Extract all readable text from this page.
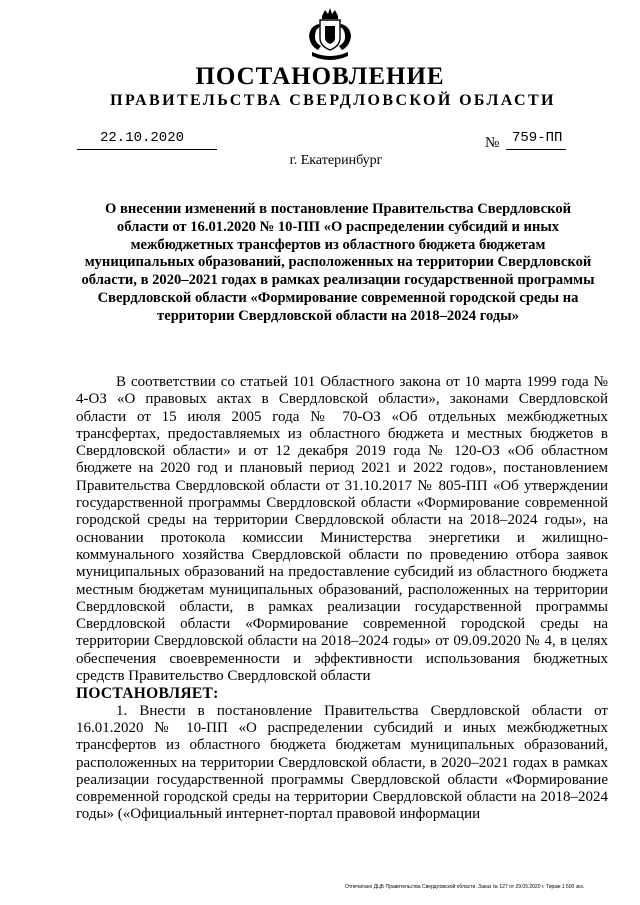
ПОСТАНОВЛЕНИЕ
ПРАВИТЕЛЬСТВА СВЕРДЛОВСКОЙ ОБЛАСТИ
22.10.2020	№ 759-ПП
г. Екатеринбург
О внесении изменений в постановление Правительства Свердловской области от 16.01.2020 № 10-ПП «О распределении субсидий и иных межбюджетных трансфертов из областного бюджета бюджетам муниципальных образований, расположенных на территории Свердловской области, в 2020–2021 годах в рамках реализации государственной программы Свердловской области «Формирование современной городской среды на территории Свердловской области на 2018–2024 годы»

В соответствии со статьей 101 Областного закона от 10 марта 1999 года № 4-ОЗ «О правовых актах в Свердловской области», законами Свердловской области от 15 июля 2005 года № 70-ОЗ «Об отдельных межбюджетных трансфертах, предоставляемых из областного бюджета и местных бюджетов в Свердловской области» и от 12 декабря 2019 года № 120-ОЗ «Об областном бюджете на 2020 год и плановый период 2021 и 2022 годов», постановлением Правительства Свердловской области от 31.10.2017 № 805-ПП «Об утверждении государственной программы Свердловской области «Формирование современной городской среды на территории Свердловской области на 2018–2024 годы», на основании протокола комиссии Министерства энергетики и жилищно-коммунального хозяйства Свердловской области по проведению отбора заявок муниципальных образований на предоставление субсидий из областного бюджета местным бюджетам муниципальных образований, расположенных на территории Свердловской области, в рамках реализации государственной программы Свердловской области «Формирование современной городской среды на территории Свердловской области на 2018–2024 годы» от 09.09.2020 № 4, в целях обеспечения своевременности и эффективности использования бюджетных средств Правительство Свердловской области

ПОСТАНОВЛЯЕТ:

1. Внести в постановление Правительства Свердловской области от 16.01.2020 № 10-ПП «О распределении субсидий и иных межбюджетных трансфертов из областного бюджета бюджетам муниципальных образований, расположенных на территории Свердловской области, в 2020–2021 годах в рамках реализации государственной программы Свердловской области «Формирование современной городской среды на территории Свердловской области на 2018–2024 годы» («Официальный интернет-портал правовой информации

Отпечатано ДЦБ Правительства Свердловской области. Заказ № 127 от 29.05.2020 г. Тираж 1 500 экз.
